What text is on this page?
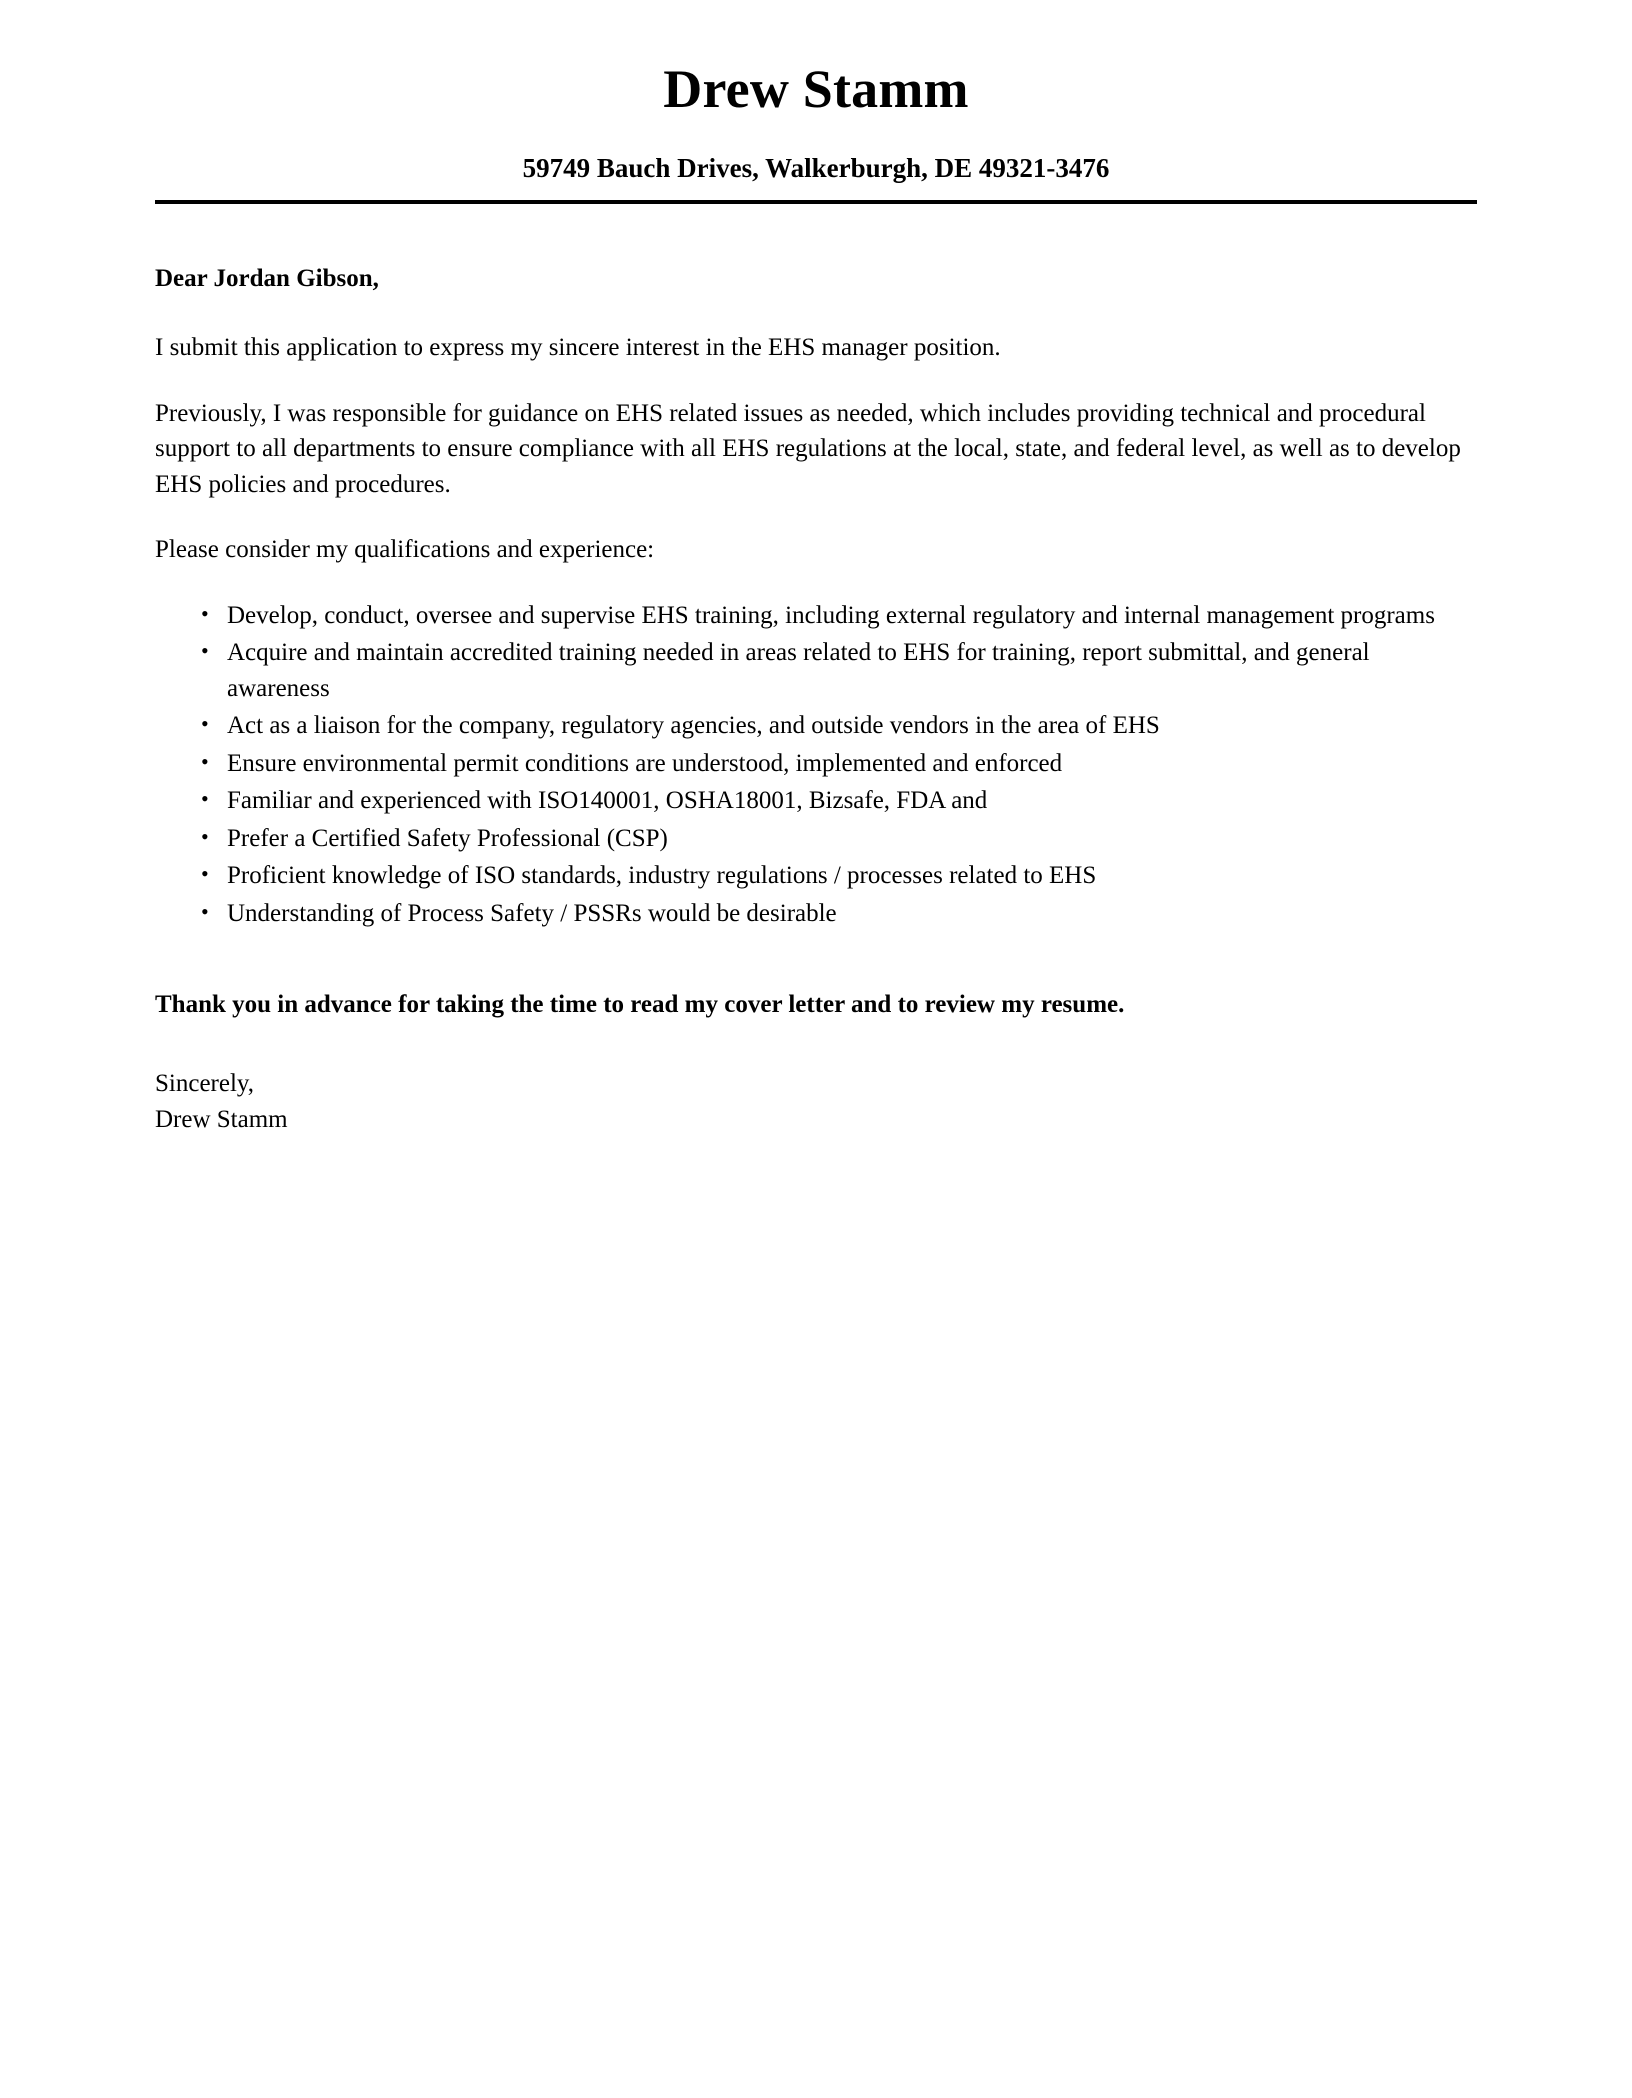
Drew Stamm
59749 Bauch Drives, Walkerburgh, DE 49321-3476
Dear Jordan Gibson,

I submit this application to express my sincere interest in the EHS manager position.

Previously, I was responsible for guidance on EHS related issues as needed, which includes providing technical and procedural support to all departments to ensure compliance with all EHS regulations at the local, state, and federal level, as well as to develop EHS policies and procedures.

Please consider my qualifications and experience:

• Develop, conduct, oversee and supervise EHS training, including external regulatory and internal management programs
• Acquire and maintain accredited training needed in areas related to EHS for training, report submittal, and general awareness
• Act as a liaison for the company, regulatory agencies, and outside vendors in the area of EHS
• Ensure environmental permit conditions are understood, implemented and enforced
• Familiar and experienced with ISO140001, OSHA18001, Bizsafe, FDA and
• Prefer a Certified Safety Professional (CSP)
• Proficient knowledge of ISO standards, industry regulations / processes related to EHS
• Understanding of Process Safety / PSSRs would be desirable
Thank you in advance for taking the time to read my cover letter and to review my resume.
Sincerely,
Drew Stamm
